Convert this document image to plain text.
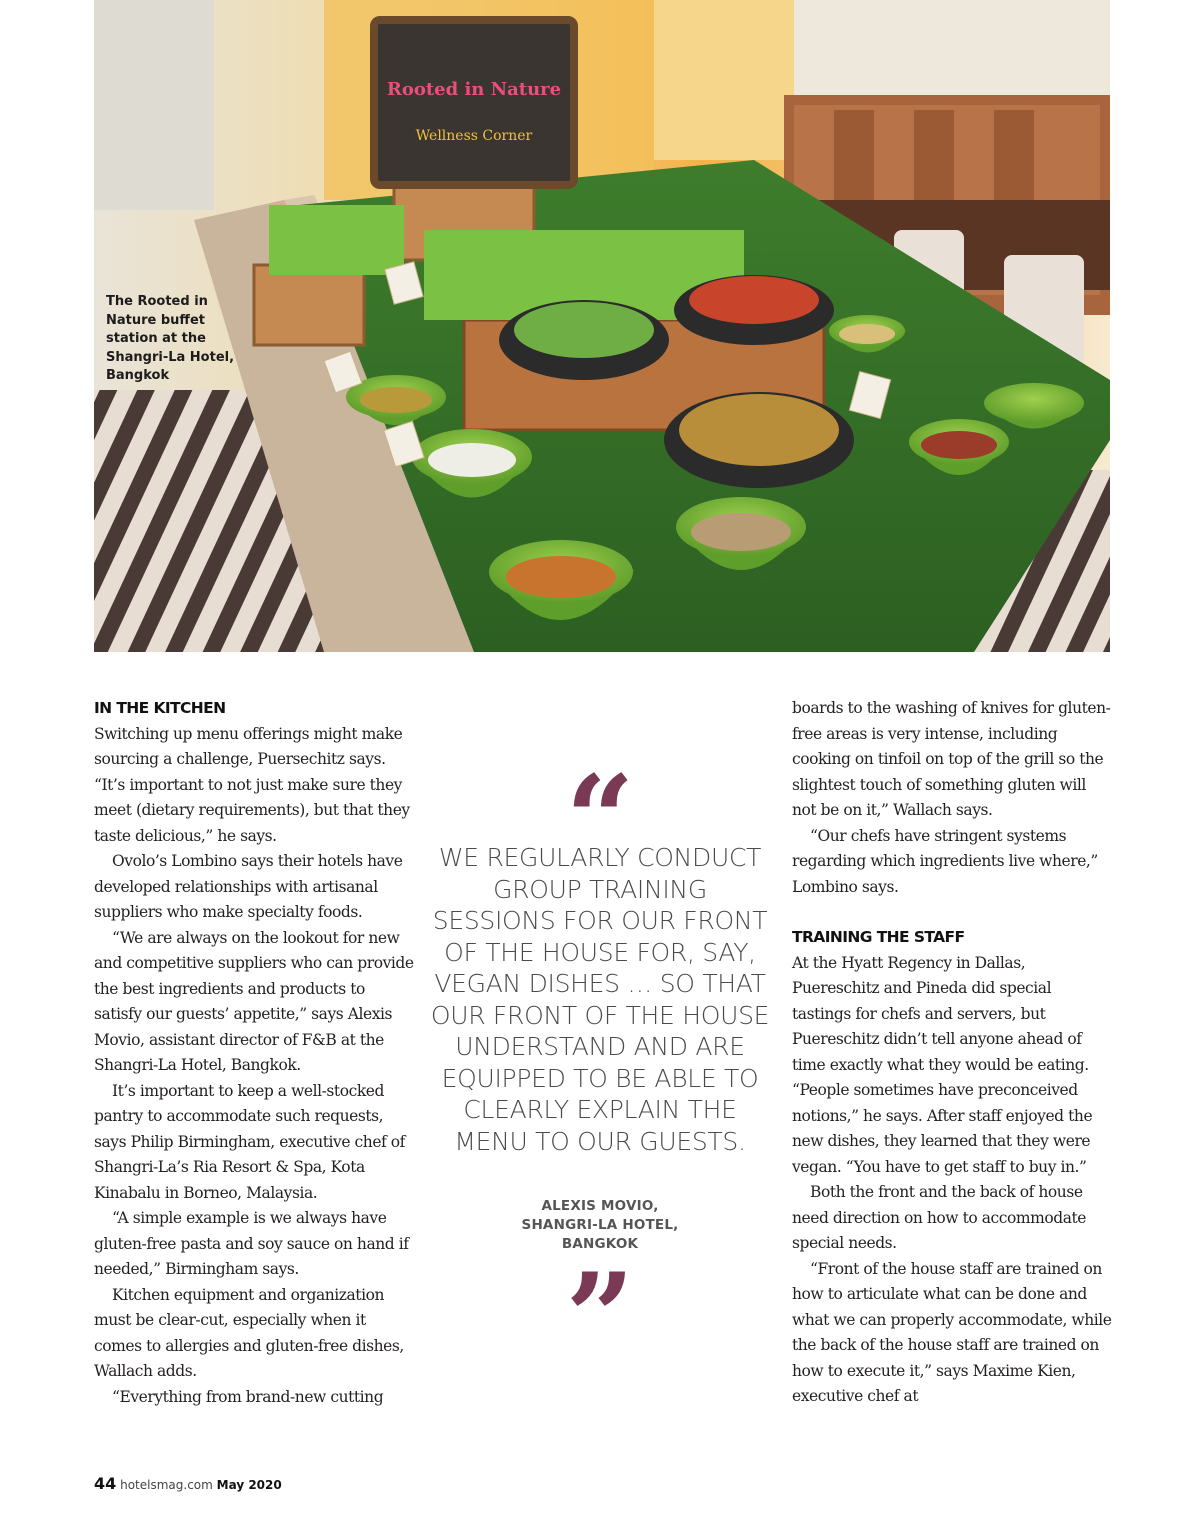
Rooted in Nature
Wellness Corner
The Rooted in
Nature buffet
station at the
Shangri-La Hotel,
Bangkok
IN THE KITCHEN

Switching up menu offerings might make sourcing a challenge, Puersechitz says. “It’s important to not just make sure they meet (dietary requirements), but that they taste delicious,” he says.

Ovolo’s Lombino says their hotels have developed relationships with artisanal suppliers who make specialty foods.

“We are always on the lookout for new and competitive suppliers who can provide the best ingredients and products to satisfy our guests’ appetite,” says Alexis Movio, assistant director of F&B at the Shangri-La Hotel, Bangkok.

It’s important to keep a well-stocked pantry to accommodate such requests, says Philip Birmingham, executive chef of Shangri-La’s Ria Resort & Spa, Kota Kinabalu in Borneo, Malaysia.

“A simple example is we always have gluten-free pasta and soy sauce on hand if needed,” Birmingham says.

Kitchen equipment and organization must be clear-cut, especially when it comes to allergies and gluten-free dishes, Wallach adds.

“Everything from brand-new cutting

“
WE REGULARLY CONDUCT GROUP TRAINING SESSIONS FOR OUR FRONT OF THE HOUSE FOR, SAY, VEGAN DISHES … SO THAT OUR FRONT OF THE HOUSE UNDERSTAND AND ARE EQUIPPED TO BE ABLE TO CLEARLY EXPLAIN THE MENU TO OUR GUESTS.
ALEXIS MOVIO,
SHANGRI-LA HOTEL,
BANGKOK
”

boards to the washing of knives for gluten-free areas is very intense, including cooking on tinfoil on top of the grill so the slightest touch of something gluten will not be on it,” Wallach says.

“Our chefs have stringent systems regarding which ingredients live where,” Lombino says.

TRAINING THE STAFF

At the Hyatt Regency in Dallas, Puereschitz and Pineda did special tastings for chefs and servers, but Puereschitz didn’t tell anyone ahead of time exactly what they would be eating. “People sometimes have preconceived notions,” he says. After staff enjoyed the new dishes, they learned that they were vegan. “You have to get staff to buy in.”

Both the front and the back of house need direction on how to accommodate special needs.

“Front of the house staff are trained on how to articulate what can be done and what we can properly accommodate, while the back of the house staff are trained on how to execute it,” says Maxime Kien, executive chef at

44 hotelsmag.com May 2020
